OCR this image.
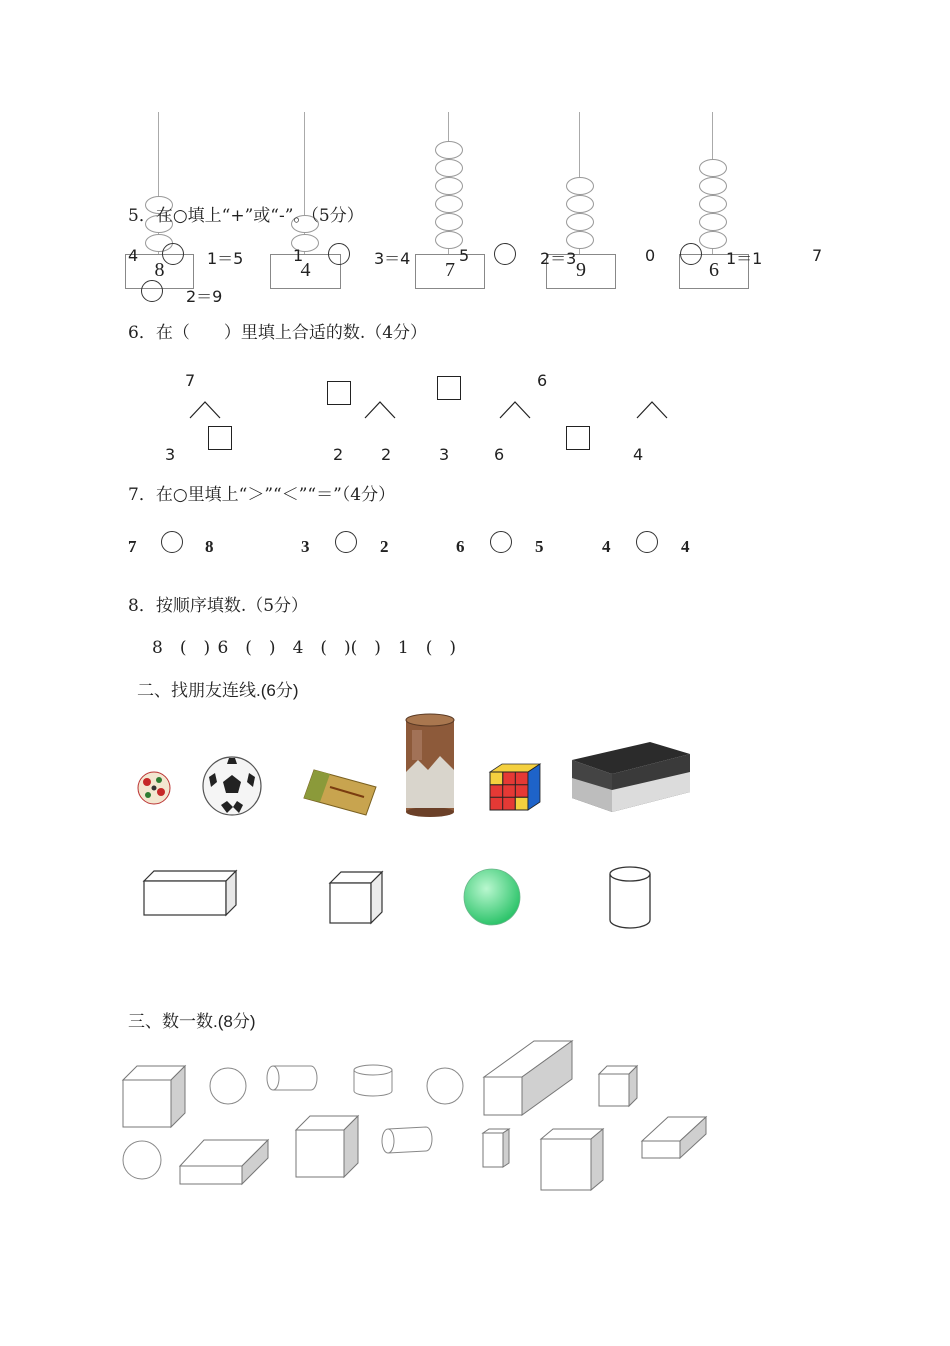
8	4	7	9	6
5．在○填上“+”或“-”。（5分）
4	1＝5	1	3＝4	5	2＝3	0	1＝1	7
2＝9
6．在（　　）里填上合适的数.（4分）
7
3	2 2	3	6
6
4
7．在○里填上“＞”“＜”“＝”（4分）
7	8	3	2	6	5	4	4
8．按顺序填数.（5分）
8　(　) 6　(　)　4　(　)(　)　1　(　)
二、找朋友连线.(6分)
三、数一数.(8分)
